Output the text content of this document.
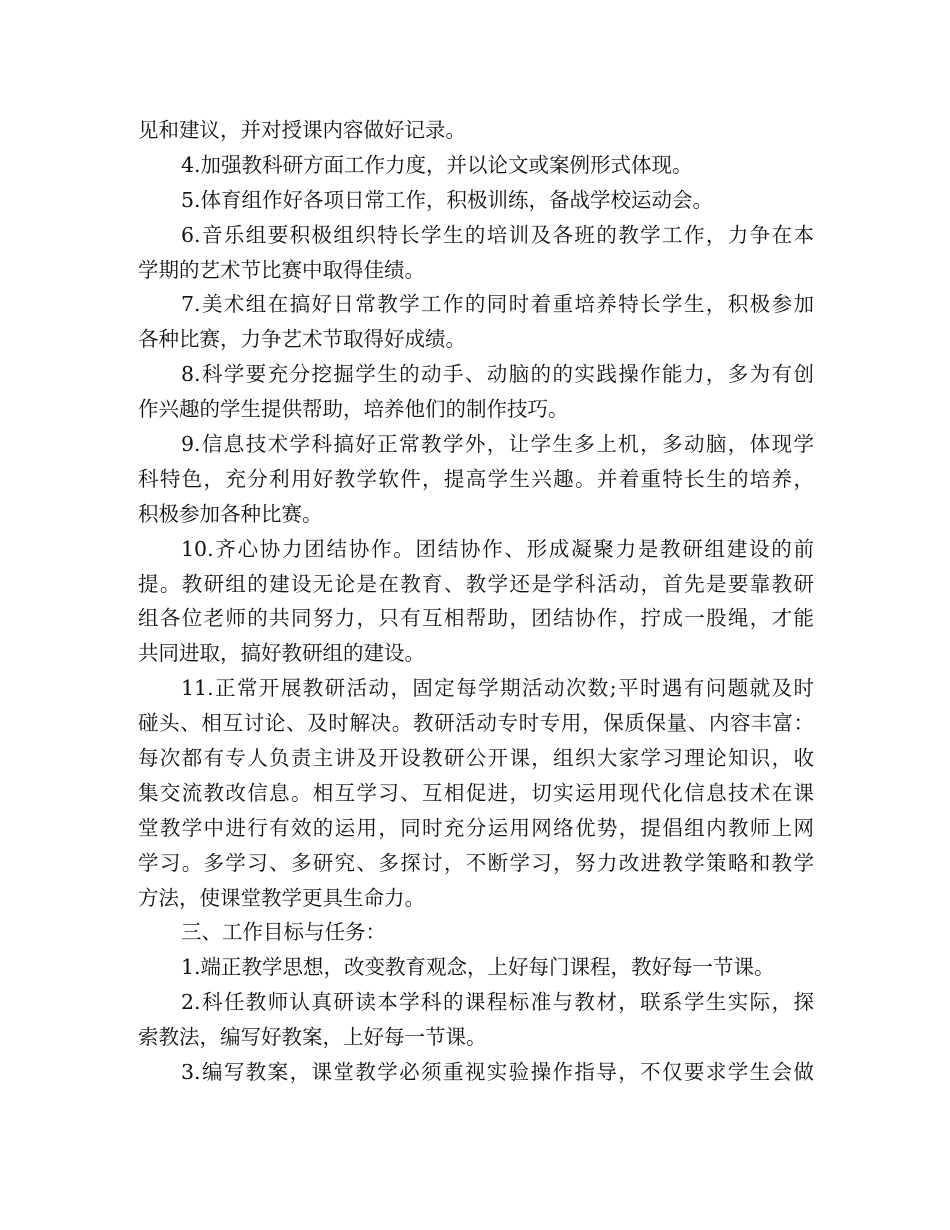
见和建议，并对授课内容做好记录。
4.加强教科研方面工作力度，并以论文或案例形式体现。
5.体育组作好各项日常工作，积极训练，备战学校运动会。
6.音乐组要积极组织特长学生的培训及各班的教学工作，力争在本
学期的艺术节比赛中取得佳绩。
7.美术组在搞好日常教学工作的同时着重培养特长学生，积极参加
各种比赛，力争艺术节取得好成绩。
8.科学要充分挖掘学生的动手、动脑的的实践操作能力，多为有创
作兴趣的学生提供帮助，培养他们的制作技巧。
9.信息技术学科搞好正常教学外，让学生多上机，多动脑，体现学
科特色，充分利用好教学软件，提高学生兴趣。并着重特长生的培养，
积极参加各种比赛。
10.齐心协力团结协作。团结协作、形成凝聚力是教研组建设的前
提。教研组的建设无论是在教育、教学还是学科活动，首先是要靠教研
组各位老师的共同努力，只有互相帮助，团结协作，拧成一股绳，才能
共同进取，搞好教研组的建设。
11.正常开展教研活动，固定每学期活动次数;平时遇有问题就及时
碰头、相互讨论、及时解决。教研活动专时专用，保质保量、内容丰富：
每次都有专人负责主讲及开设教研公开课，组织大家学习理论知识，收
集交流教改信息。相互学习、互相促进，切实运用现代化信息技术在课
堂教学中进行有效的运用，同时充分运用网络优势，提倡组内教师上网
学习。多学习、多研究、多探讨，不断学习，努力改进教学策略和教学
方法，使课堂教学更具生命力。
三、工作目标与任务：
1.端正教学思想，改变教育观念，上好每门课程，教好每一节课。
2.科任教师认真研读本学科的课程标准与教材，联系学生实际，探
索教法，编写好教案，上好每一节课。
3.编写教案，课堂教学必须重视实验操作指导，不仅要求学生会做
